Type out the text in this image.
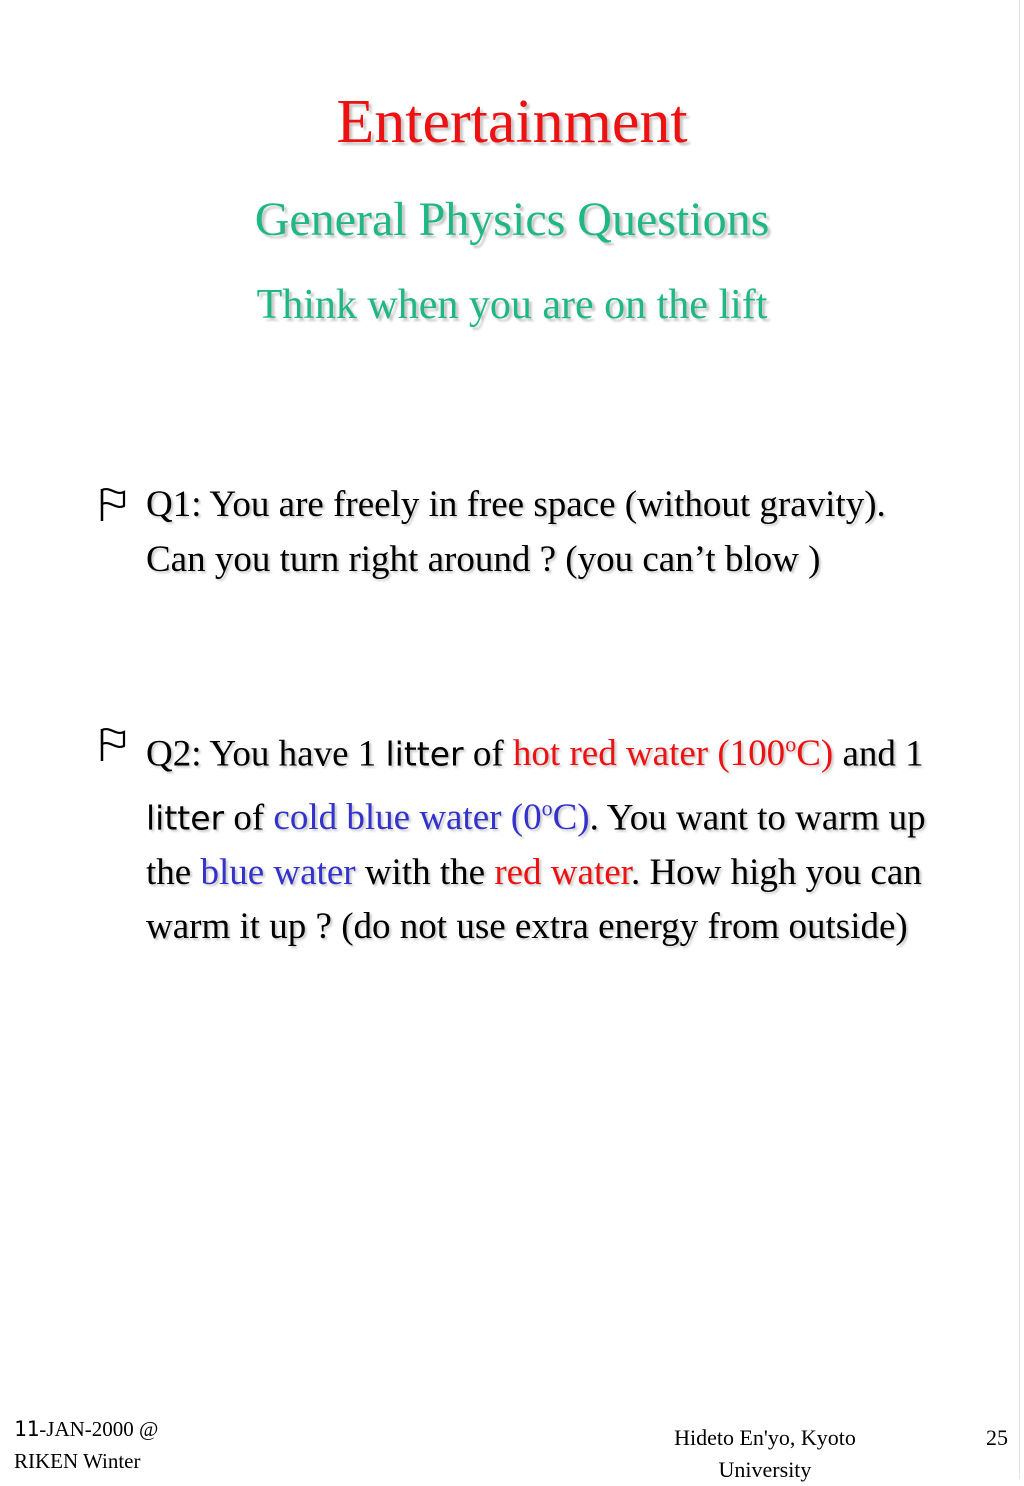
Entertainment
General Physics Questions
Think when you are on the lift
Q1: You are freely in free space (without gravity). Can you turn right around ? (you can’t blow )
Q2: You have 1 litter of hot red water (100$^o$C) and 1 litter of cold blue water (0$^o$C). You want to warm up the blue water with the red water. How high you can warm it up ? (do not use extra energy from outside)
11-JAN-2000 @
RIKEN Winter
Hideto En'yo, Kyoto
University
25
